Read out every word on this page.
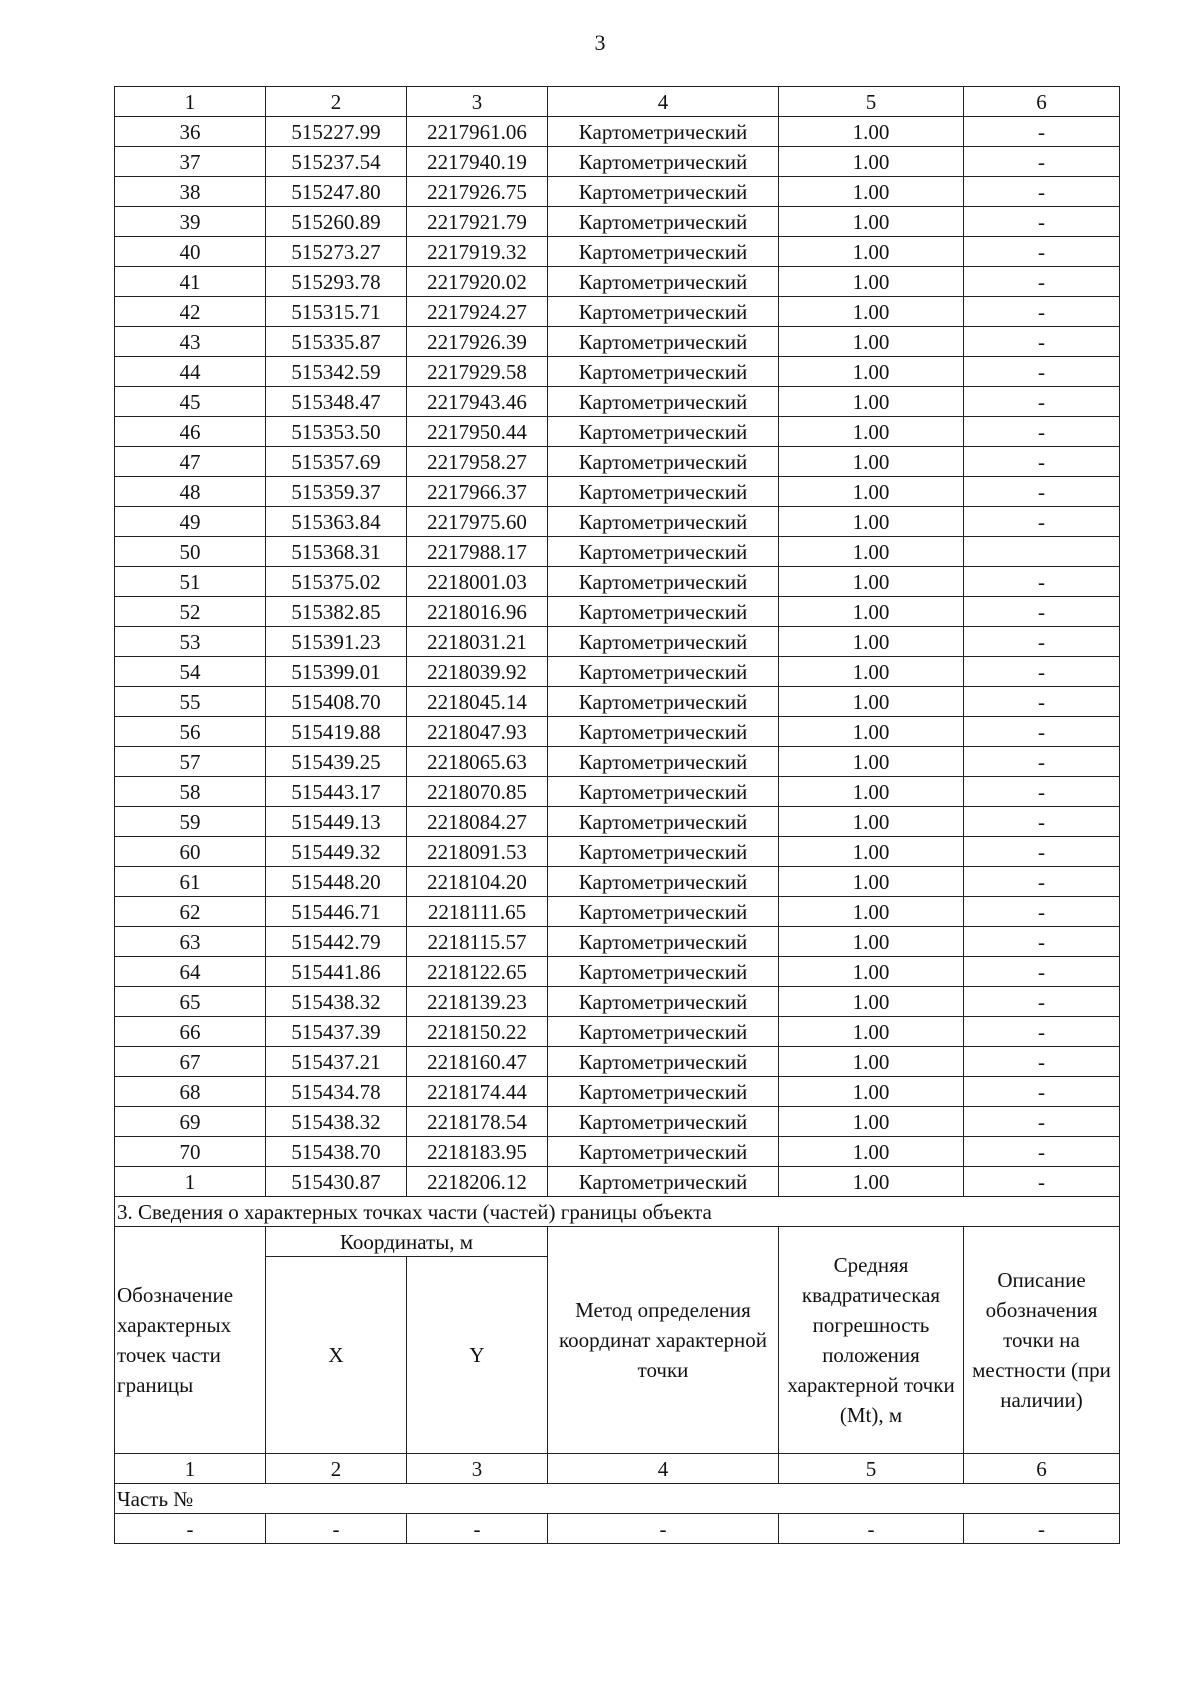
3
1	2	3	4	5	6
36	515227.99	2217961.06	Картометрический	1.00	-
37	515237.54	2217940.19	Картометрический	1.00	-
38	515247.80	2217926.75	Картометрический	1.00	-
39	515260.89	2217921.79	Картометрический	1.00	-
40	515273.27	2217919.32	Картометрический	1.00	-
41	515293.78	2217920.02	Картометрический	1.00	-
42	515315.71	2217924.27	Картометрический	1.00	-
43	515335.87	2217926.39	Картометрический	1.00	-
44	515342.59	2217929.58	Картометрический	1.00	-
45	515348.47	2217943.46	Картометрический	1.00	-
46	515353.50	2217950.44	Картометрический	1.00	-
47	515357.69	2217958.27	Картометрический	1.00	-
48	515359.37	2217966.37	Картометрический	1.00	-
49	515363.84	2217975.60	Картометрический	1.00	-
50	515368.31	2217988.17	Картометрический	1.00	
51	515375.02	2218001.03	Картометрический	1.00	-
52	515382.85	2218016.96	Картометрический	1.00	-
53	515391.23	2218031.21	Картометрический	1.00	-
54	515399.01	2218039.92	Картометрический	1.00	-
55	515408.70	2218045.14	Картометрический	1.00	-
56	515419.88	2218047.93	Картометрический	1.00	-
57	515439.25	2218065.63	Картометрический	1.00	-
58	515443.17	2218070.85	Картометрический	1.00	-
59	515449.13	2218084.27	Картометрический	1.00	-
60	515449.32	2218091.53	Картометрический	1.00	-
61	515448.20	2218104.20	Картометрический	1.00	-
62	515446.71	2218111.65	Картометрический	1.00	-
63	515442.79	2218115.57	Картометрический	1.00	-
64	515441.86	2218122.65	Картометрический	1.00	-
65	515438.32	2218139.23	Картометрический	1.00	-
66	515437.39	2218150.22	Картометрический	1.00	-
67	515437.21	2218160.47	Картометрический	1.00	-
68	515434.78	2218174.44	Картометрический	1.00	-
69	515438.32	2218178.54	Картометрический	1.00	-
70	515438.70	2218183.95	Картометрический	1.00	-
1	515430.87	2218206.12	Картометрический	1.00	-
3. Сведения о характерных точках части (частей) границы объекта					
Обозначение характерных точек части границы	Координаты, м		Метод определения координат характерной точки	Средняя квадратическая погрешность положения характерной точки (Mt), м	Описание обозначения точки на местности (при наличии)
	X	Y			
1	2	3	4	5	6
Часть №					
-	-	-	-	-	-
